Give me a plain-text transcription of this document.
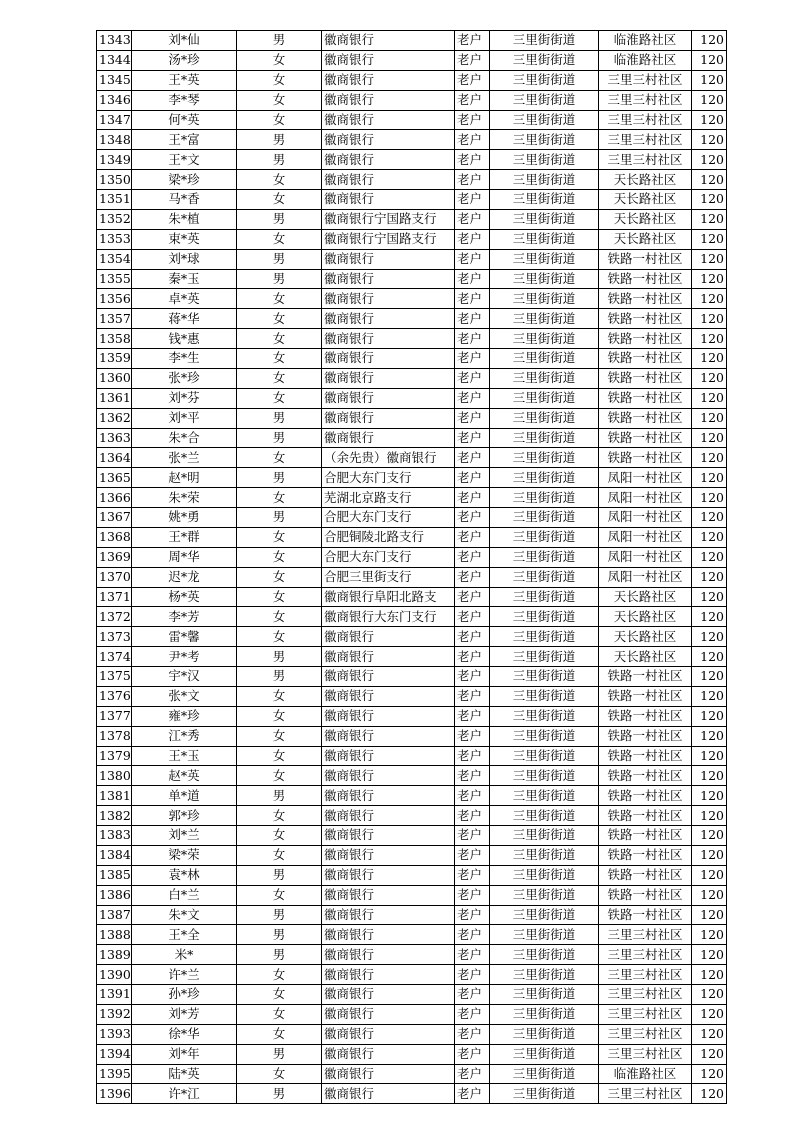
1343	刘*仙	男	徽商银行	老户	三里街街道	临淮路社区	120
1344	汤*珍	女	徽商银行	老户	三里街街道	临淮路社区	120
1345	王*英	女	徽商银行	老户	三里街街道	三里三村社区	120
1346	李*琴	女	徽商银行	老户	三里街街道	三里三村社区	120
1347	何*英	女	徽商银行	老户	三里街街道	三里三村社区	120
1348	王*富	男	徽商银行	老户	三里街街道	三里三村社区	120
1349	王*文	男	徽商银行	老户	三里街街道	三里三村社区	120
1350	梁*珍	女	徽商银行	老户	三里街街道	天长路社区	120
1351	马*香	女	徽商银行	老户	三里街街道	天长路社区	120
1352	朱*植	男	徽商银行宁国路支行	老户	三里街街道	天长路社区	120
1353	束*英	女	徽商银行宁国路支行	老户	三里街街道	天长路社区	120
1354	刘*球	男	徽商银行	老户	三里街街道	铁路一村社区	120
1355	秦*玉	男	徽商银行	老户	三里街街道	铁路一村社区	120
1356	卓*英	女	徽商银行	老户	三里街街道	铁路一村社区	120
1357	蒋*华	女	徽商银行	老户	三里街街道	铁路一村社区	120
1358	钱*惠	女	徽商银行	老户	三里街街道	铁路一村社区	120
1359	李*生	女	徽商银行	老户	三里街街道	铁路一村社区	120
1360	张*珍	女	徽商银行	老户	三里街街道	铁路一村社区	120
1361	刘*芬	女	徽商银行	老户	三里街街道	铁路一村社区	120
1362	刘*平	男	徽商银行	老户	三里街街道	铁路一村社区	120
1363	朱*合	男	徽商银行	老户	三里街街道	铁路一村社区	120
1364	张*兰	女	（余先贵）徽商银行	老户	三里街街道	铁路一村社区	120
1365	赵*明	男	合肥大东门支行	老户	三里街街道	凤阳一村社区	120
1366	朱*荣	女	芜湖北京路支行	老户	三里街街道	凤阳一村社区	120
1367	姚*勇	男	合肥大东门支行	老户	三里街街道	凤阳一村社区	120
1368	王*群	女	合肥铜陵北路支行	老户	三里街街道	凤阳一村社区	120
1369	周*华	女	合肥大东门支行	老户	三里街街道	凤阳一村社区	120
1370	迟*龙	女	合肥三里街支行	老户	三里街街道	凤阳一村社区	120
1371	杨*英	女	徽商银行阜阳北路支	老户	三里街街道	天长路社区	120
1372	李*芳	女	徽商银行大东门支行	老户	三里街街道	天长路社区	120
1373	雷*馨	女	徽商银行	老户	三里街街道	天长路社区	120
1374	尹*考	男	徽商银行	老户	三里街街道	天长路社区	120
1375	宇*汉	男	徽商银行	老户	三里街街道	铁路一村社区	120
1376	张*文	女	徽商银行	老户	三里街街道	铁路一村社区	120
1377	雍*珍	女	徽商银行	老户	三里街街道	铁路一村社区	120
1378	江*秀	女	徽商银行	老户	三里街街道	铁路一村社区	120
1379	王*玉	女	徽商银行	老户	三里街街道	铁路一村社区	120
1380	赵*英	女	徽商银行	老户	三里街街道	铁路一村社区	120
1381	单*道	男	徽商银行	老户	三里街街道	铁路一村社区	120
1382	郭*珍	女	徽商银行	老户	三里街街道	铁路一村社区	120
1383	刘*兰	女	徽商银行	老户	三里街街道	铁路一村社区	120
1384	梁*荣	女	徽商银行	老户	三里街街道	铁路一村社区	120
1385	袁*林	男	徽商银行	老户	三里街街道	铁路一村社区	120
1386	白*兰	女	徽商银行	老户	三里街街道	铁路一村社区	120
1387	朱*文	男	徽商银行	老户	三里街街道	铁路一村社区	120
1388	王*全	男	徽商银行	老户	三里街街道	三里三村社区	120
1389	米*	男	徽商银行	老户	三里街街道	三里三村社区	120
1390	许*兰	女	徽商银行	老户	三里街街道	三里三村社区	120
1391	孙*珍	女	徽商银行	老户	三里街街道	三里三村社区	120
1392	刘*芳	女	徽商银行	老户	三里街街道	三里三村社区	120
1393	徐*华	女	徽商银行	老户	三里街街道	三里三村社区	120
1394	刘*年	男	徽商银行	老户	三里街街道	三里三村社区	120
1395	陆*英	女	徽商银行	老户	三里街街道	临淮路社区	120
1396	许*江	男	徽商银行	老户	三里街街道	三里三村社区	120
